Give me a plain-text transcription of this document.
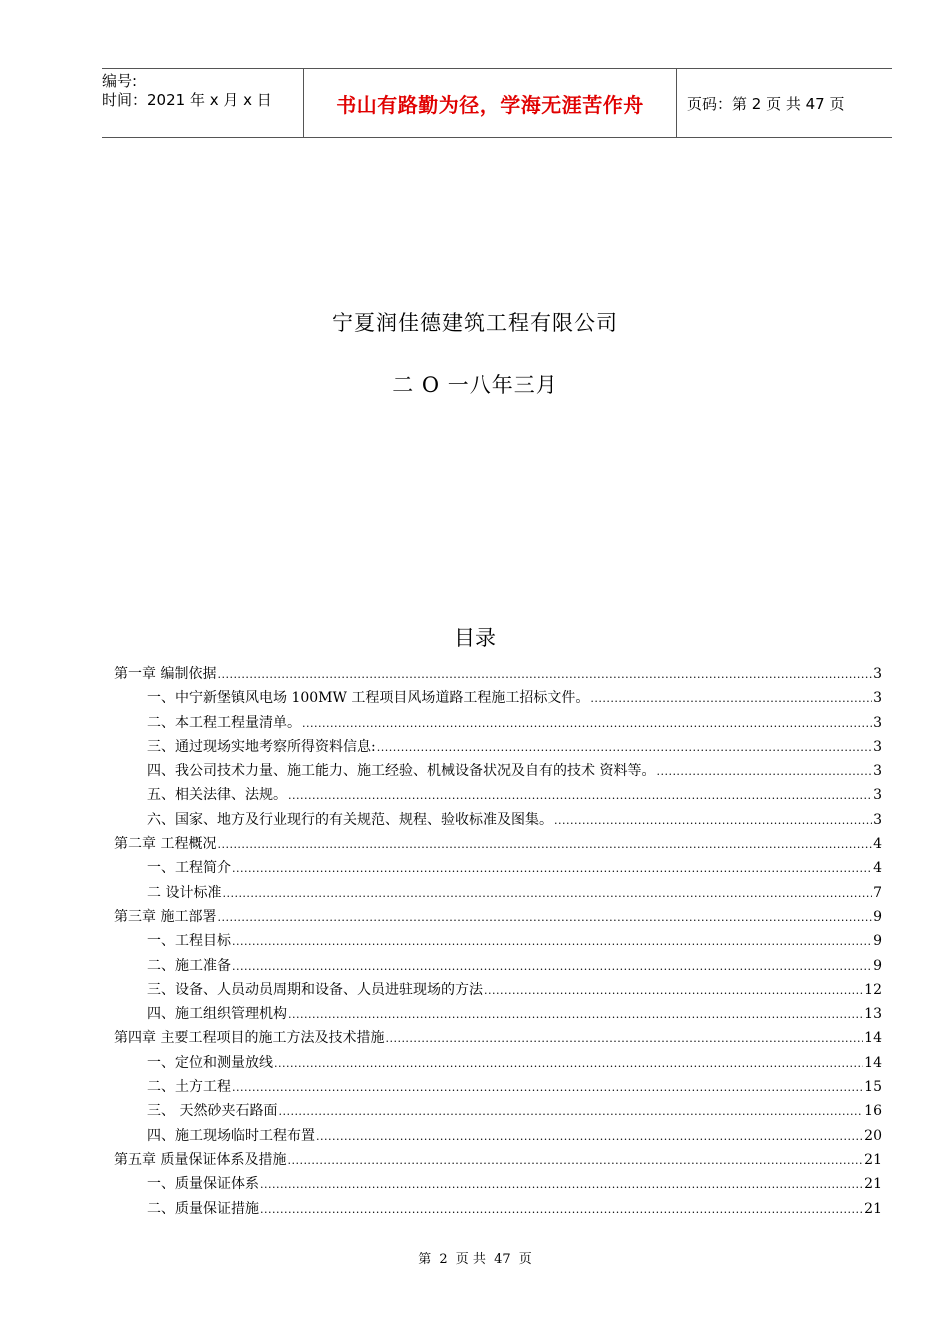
编号:
时间：2021 年 x 月 x 日	书山有路勤为径，学海无涯苦作舟	页码：第 2 页 共 47 页
宁夏润佳德建筑工程有限公司
二 O 一八年三月
目录
第一章 编制依据 .....	3
一、中宁新堡镇风电场 100MW 工程项目风场道路工程施工招标文件。 .....	3
二、本工程工程量清单。 .....	3
三、通过现场实地考察所得资料信息: .....	3
四、我公司技术力量、施工能力、施工经验、机械设备状况及自有的技术 资料等。 .....	3
五、相关法律、法规。 .....	3
六、国家、地方及行业现行的有关规范、规程、验收标准及图集。 .....	3
第二章 工程概况 .....	4
一、工程简介 .....	4
二 设计标准 .....	7
第三章 施工部署 .....	9
一、工程目标 .....	9
二、施工准备 .....	9
三、设备、人员动员周期和设备、人员进驻现场的方法 .....	12
四、施工组织管理机构 .....	13
第四章 主要工程项目的施工方法及技术措施 .....	14
一、定位和测量放线 .....	14
二、土方工程 .....	15
三、 天然砂夹石路面 .....	16
四、施工现场临时工程布置 .....	20
第五章 质量保证体系及措施 .....	21
一、质量保证体系 .....	21
二、质量保证措施 .....	21
第 2 页 共 47 页
